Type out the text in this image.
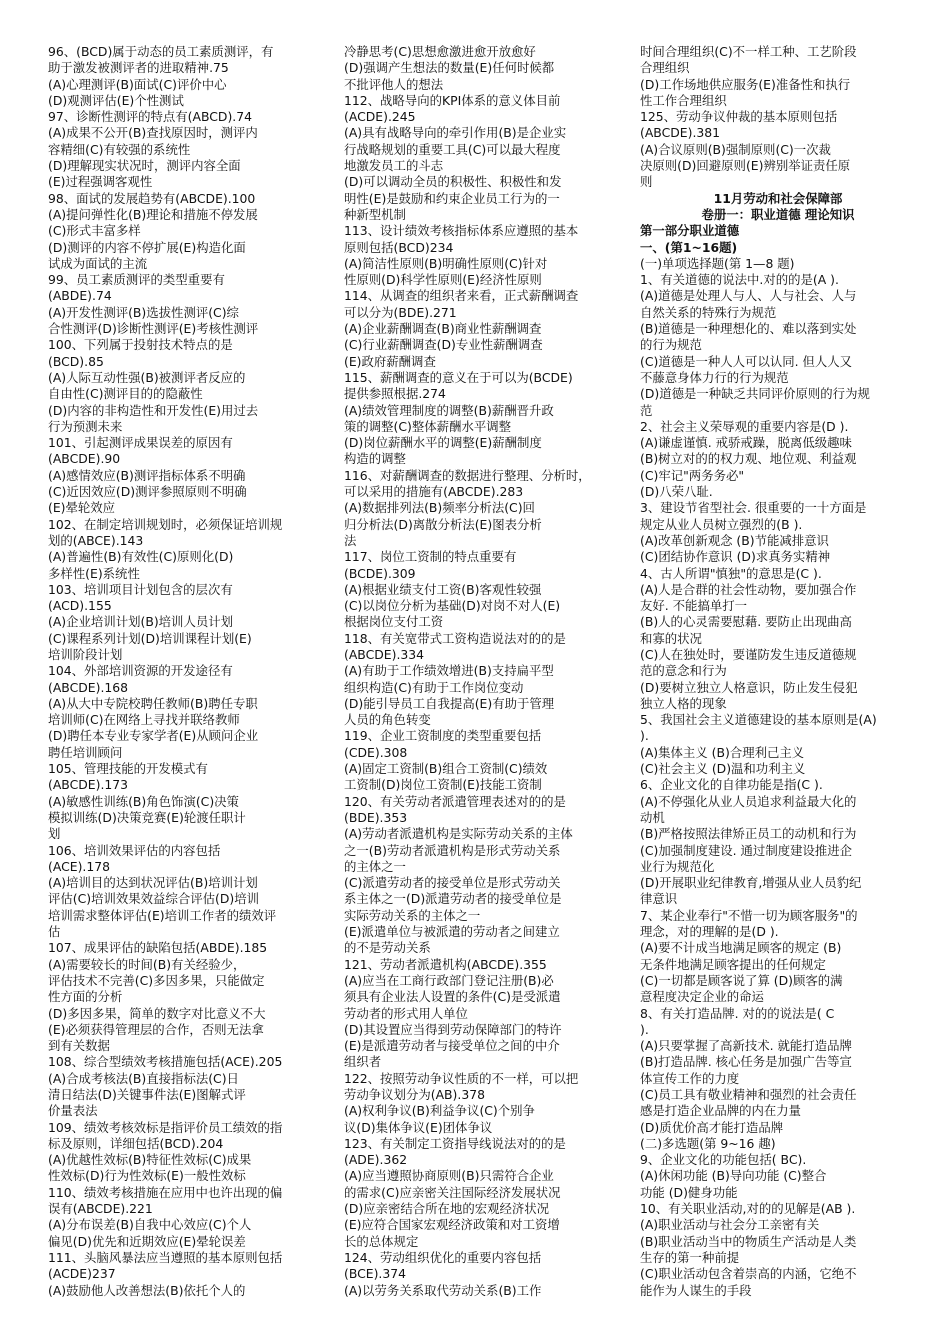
96、(BCD)属于动态的员工素质测评，有
助于激发被测评者的进取精神.75
(A)心理测评(B)面试(C)评价中心
(D)观测评估(E)个性测试
97、诊断性测评的特点有(ABCD).74
(A)成果不公开(B)查找原因时，测评内
容精细(C)有较强的系统性
(D)理解现实状况时，测评内容全面
(E)过程强调客观性
98、面试的发展趋势有(ABCDE).100
(A)提问弹性化(B)理论和措施不停发展
(C)形式丰富多样
(D)测评的内容不停扩展(E)构造化面
试成为面试的主流
99、员工素质测评的类型重要有
(ABDE).74
(A)开发性测评(B)选拔性测评(C)综
合性测评(D)诊断性测评(E)考核性测评
100、下列属于投射技术特点的是
(BCD).85
(A)人际互动性强(B)被测评者反应的
自由性(C)测评目的的隐蔽性
(D)内容的非构造性和开发性(E)用过去
行为预测未来
101、引起测评成果误差的原因有
(ABCDE).90
(A)感情效应(B)测评指标体系不明确
(C)近因效应(D)测评参照原则不明确
(E)晕轮效应
102、在制定培训规划时，必须保证培训规
划的(ABCE).143
(A)普遍性(B)有效性(C)原则化(D)
多样性(E)系统性
103、培训项目计划包含的层次有
(ACD).155
(A)企业培训计划(B)培训人员计划
(C)课程系列计划(D)培训课程计划(E)
培训阶段计划
104、外部培训资源的开发途径有
(ABCDE).168
(A)从大中专院校聘任教师(B)聘任专职
培训师(C)在网络上寻找并联络教师
(D)聘任本专业专家学者(E)从顾问企业
聘任培训顾问
105、管理技能的开发模式有
(ABCDE).173
(A)敏感性训练(B)角色饰演(C)决策
模拟训练(D)决策竞赛(E)轮渡任职计
划
106、培训效果评估的内容包括
(ACE).178
(A)培训目的达到状况评估(B)培训计划
评估(C)培训效果效益综合评估(D)培训
培训需求整体评估(E)培训工作者的绩效评
估
107、成果评估的缺陷包括(ABDE).185
(A)需要较长的时间(B)有关经验少，
评估技术不完善(C)多因多果，只能做定
性方面的分析
(D)多因多果，简单的数字对比意义不大
(E)必须获得管理层的合作，否则无法拿
到有关数据
108、综合型绩效考核措施包括(ACE).205
(A)合成考核法(B)直接指标法(C)日
清日结法(D)关键事件法(E)图解式评
价量表法
109、绩效考核效标是指评价员工绩效的指
标及原则，详细包括(BCD).204
(A)优越性效标(B)特征性效标(C)成果
性效标(D)行为性效标(E)一般性效标
110、绩效考核措施在应用中也许出现的偏
误有(ABCDE).221
(A)分布误差(B)自我中心效应(C)个人
偏见(D)优先和近期效应(E)晕轮误差
111、头脑风暴法应当遵照的基本原则包括
(ACDE)237
(A)鼓励他人改善想法(B)依托个人的
冷静思考(C)思想愈激进愈开放愈好
(D)强调产生想法的数量(E)任何时候都
不批评他人的想法
112、战略导向的KPI体系的意义体目前
(ACDE).245
(A)具有战略导向的牵引作用(B)是企业实
行战略规划的重要工具(C)可以最大程度
地激发员工的斗志
(D)可以调动全员的积极性、积极性和发
明性(E)是鼓励和约束企业员工行为的一
种新型机制
113、设计绩效考核指标体系应遵照的基本
原则包括(BCD)234
(A)简洁性原则(B)明确性原则(C)针对
性原则(D)科学性原则(E)经济性原则
114、从调查的组织者来看，正式薪酬调查
可以分为(BDE).271
(A)企业薪酬调查(B)商业性薪酬调查
(C)行业薪酬调查(D)专业性薪酬调查
(E)政府薪酬调查
115、薪酬调查的意义在于可以为(BCDE)
提供参照根据.274
(A)绩效管理制度的调整(B)薪酬晋升政
策的调整(C)整体薪酬水平调整
(D)岗位薪酬水平的调整(E)薪酬制度
构造的调整
116、对薪酬调查的数据进行整理、分析时，
可以采用的措施有(ABCDE).283
(A)数据排列法(B)频率分析法(C)回
归分析法(D)离散分析法(E)图表分析
法
117、岗位工资制的特点重要有
(BCDE).309
(A)根据业绩支付工资(B)客观性较强
(C)以岗位分析为基础(D)对岗不对人(E)
根据岗位支付工资
118、有关宽带式工资构造说法对的的是
(ABCDE).334
(A)有助于工作绩效增进(B)支持扁平型
组织构造(C)有助于工作岗位变动
(D)能引导员工自我提高(E)有助于管理
人员的角色转变
119、企业工资制度的类型重要包括
(CDE).308
(A)固定工资制(B)组合工资制(C)绩效
工资制(D)岗位工资制(E)技能工资制
120、有关劳动者派遣管理表述对的的是
(BDE).353
(A)劳动者派遣机构是实际劳动关系的主体
之一(B)劳动者派遣机构是形式劳动关系
的主体之一
(C)派遣劳动者的接受单位是形式劳动关
系主体之一(D)派遣劳动者的接受单位是
实际劳动关系的主体之一
(E)派遣单位与被派遣的劳动者之间建立
的不是劳动关系
121、劳动者派遣机构(ABCDE).355
(A)应当在工商行政部门登记注册(B)必
须具有企业法人设置的条件(C)是受派遣
劳动者的形式用人单位
(D)其设置应当得到劳动保障部门的特许
(E)是派遣劳动者与接受单位之间的中介
组织者
122、按照劳动争议性质的不一样，可以把
劳动争议划分为(AB).378
(A)权利争议(B)利益争议(C)个别争
议(D)集体争议(E)团体争议
123、有关制定工资指导线说法对的的是
(ADE).362
(A)应当遵照协商原则(B)只需符合企业
的需求(C)应亲密关注国际经济发展状况
(D)应亲密结合所在地的宏观经济状况
(E)应符合国家宏观经济政策和对工资增
长的总体规定
124、劳动组织优化的重要内容包括
(BCE).374
(A)以劳务关系取代劳动关系(B)工作
时间合理组织(C)不一样工种、工艺阶段
合理组织
(D)工作场地供应服务(E)准备性和执行
性工作合理组织
125、劳动争议仲裁的基本原则包括
(ABCDE).381
(A)合议原则(B)强制原则(C)一次裁
决原则(D)回避原则(E)辨别举证责任原
则
11月劳动和社会保障部
卷册一：职业道德 理论知识
第一部分职业道德
一、(第1~16题)
(一)单项选择题(第 1—8 题)
1、有关道德的说法中.对的的是(A ).
(A)道德是处理人与人、人与社会、人与
自然关系的特殊行为规范
(B)道德是一种理想化的、难以落到实处
的行为规范
(C)道德是一种人人可以认同. 但人人又
不藤意身体力行的行为规范
(D)道德是一种缺乏共同评价原则的行为规
范
2、社会主义荣辱观的重要内容是(D ).
(A)谦虚谨慎. 戒骄戒躁，脱离低级趣味
(B)树立对的的权力观、地位观、利益观
(C)牢记"两务务必"
(D)八荣八耻.
3、建设节省型社会. 很重要的一十方面是
规定从业人员树立强烈的(B ).
(A)改革创新观念 (B)节能减排意识
(C)团结协作意识 (D)求真务实精神
4、古人所谓"慎独"的意思是(C ).
(A)人是合群的社会性动物，要加强合作
友好. 不能搞单打一
(B)人的心灵需要慰藉. 要防止出现曲高
和寡的状况
(C)人在独处时，要谨防发生违反道德规
范的意念和行为
(D)要树立独立人格意识，防止发生侵犯
独立人格的现象
5、我国社会主义道德建设的基本原则是(A)
).
(A)集体主义 (B)合理利己主义
(C)社会主义 (D)温和功利主义
6、企业文化的自律功能是指(C ).
(A)不停强化从业人员追求利益最大化的
动机
(B)严格按照法律矫正员工的动机和行为
(C)加强制度建设. 通过制度建设推进企
业行为规范化
(D)开展职业纪律教育,增强从业人员豹纪
律意识
7、某企业奉行"不惜一切为顾客服务"的
理念，对的理解的是(D ).
(A)要不计成当地满足顾客的规定 (B)
无条件地满足顾客提出的任何规定
(C)一切都是顾客说了算 (D)顾客的满
意程度决定企业的命运
8、有关打造品牌. 对的的说法是( C
).
(A)只要掌握了高新技术. 就能打造品牌
(B)打造品牌. 核心任务是加强广告等宣
体宣传工作的力度
(C)员工具有敬业精神和强烈的社会责任
感是打造企业品牌的内在力量
(D)质优价高才能打造品牌
(二)多选题(第 9~16 趣)
9、企业文化的功能包括( BC).
(A)休闲功能 (B)导向功能 (C)整合
功能 (D)健身功能
10、有关职业活动,对的的见解是(AB ).
(A)职业活动与社会分工亲密有关
(B)职业活动当中的物质生产活动是人类
生存的第一种前提
(C)职业活动包含着崇高的内涵，它绝不
能作为人谋生的手段
